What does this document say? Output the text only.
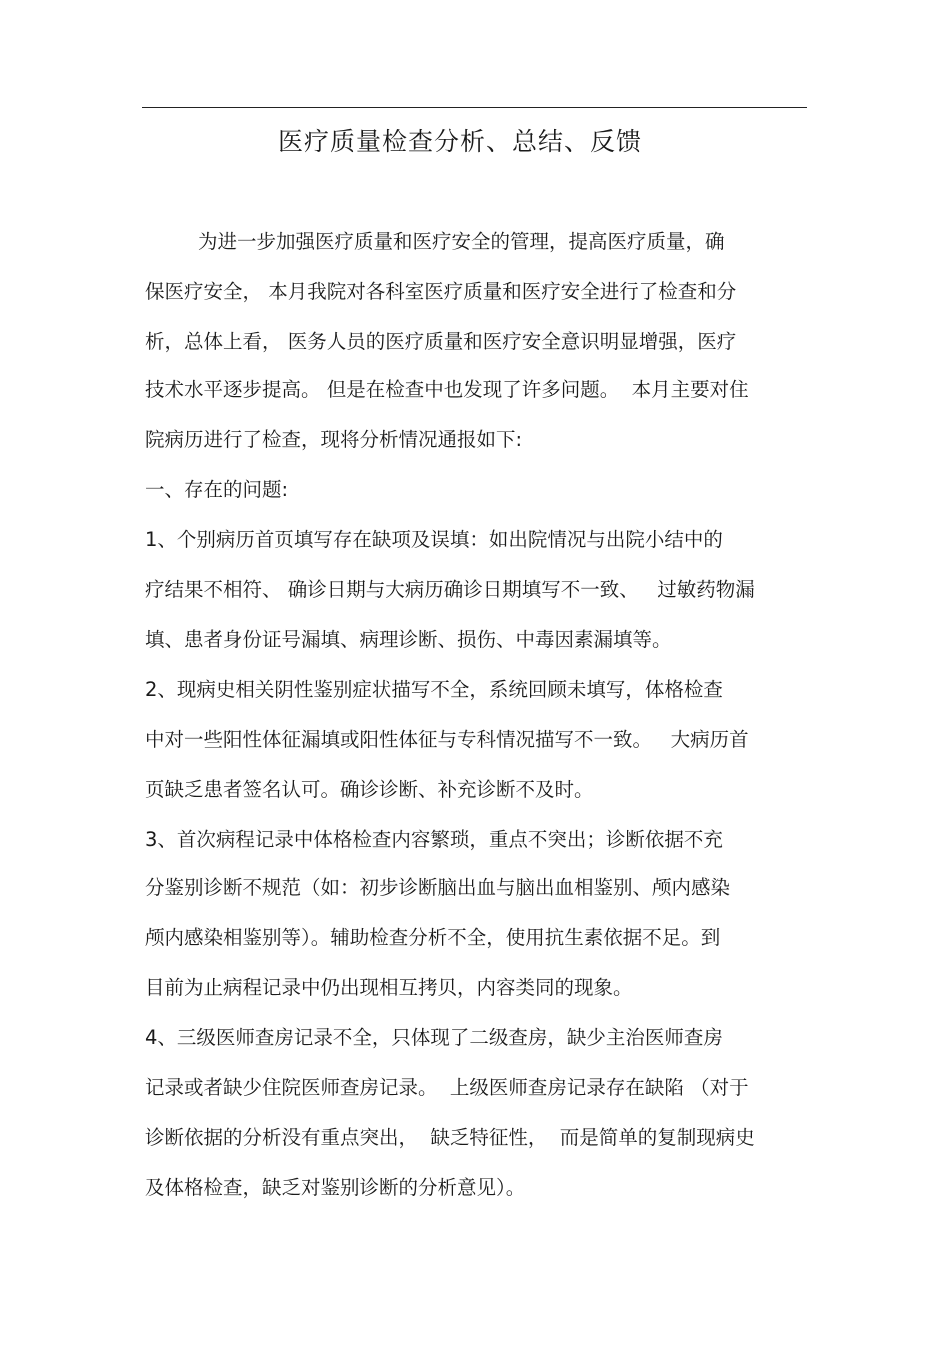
医疗质量检查分析、总结、反馈
为进一步加强医疗质量和医疗安全的管理，提高医疗质量，确
保医疗安全， 本月我院对各科室医疗质量和医疗安全进行了检查和分
析，总体上看， 医务人员的医疗质量和医疗安全意识明显增强，医疗
技术水平逐步提高。 但是在检查中也发现了许多问题。  本月主要对住
院病历进行了检查，现将分析情况通报如下:
一、存在的问题:
1、个别病历首页填写存在缺项及误填：如出院情况与出院小结中的
疗结果不相符、 确诊日期与大病历确诊日期填写不一致、   过敏药物漏
填、患者身份证号漏填、病理诊断、损伤、中毒因素漏填等。
2、现病史相关阴性鉴别症状描写不全，系统回顾未填写，体格检查
中对一些阳性体征漏填或阳性体征与专科情况描写不一致。   大病历首
页缺乏患者签名认可。确诊诊断、补充诊断不及时。
3、首次病程记录中体格检查内容繁琐，重点不突出；诊断依据不充
分鉴别诊断不规范（如：初步诊断脑出血与脑出血相鉴别、颅内感染
颅内感染相鉴别等）。辅助检查分析不全，使用抗生素依据不足。到
目前为止病程记录中仍出现相互拷贝，内容类同的现象。
4、三级医师查房记录不全，只体现了二级查房，缺少主治医师查房
记录或者缺少住院医师查房记录。  上级医师查房记录存在缺陷 （对于
诊断依据的分析没有重点突出，  缺乏特征性，  而是简单的复制现病史
及体格检查，缺乏对鉴别诊断的分析意见）。
